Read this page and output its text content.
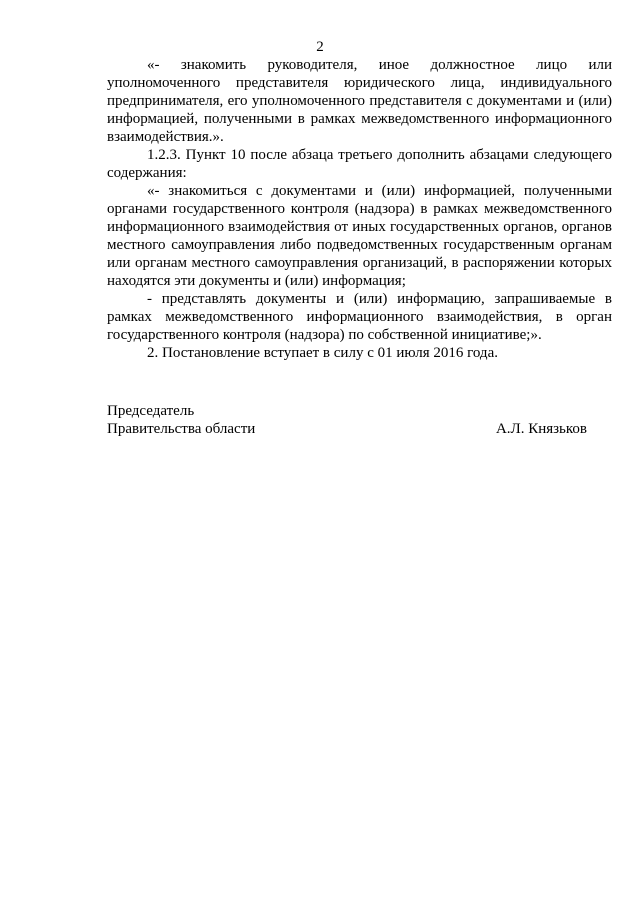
2

«- знакомить руководителя, иное должностное лицо или уполномоченного представителя юридического лица, индивидуального предпринимателя, его уполномоченного представителя с документами и (или) информацией, полученными в рамках межведомственного информационного взаимодействия.».

1.2.3. Пункт 10 после абзаца третьего дополнить абзацами следующего содержания:

«- знакомиться с документами и (или) информацией, полученными органами государственного контроля (надзора) в рамках межведомственного информационного взаимодействия от иных государственных органов, органов местного самоуправления либо подведомственных государственным органам или органам местного самоуправления организаций, в распоряжении которых находятся эти документы и (или) информация;

- представлять документы и (или) информацию, запрашиваемые в рамках межведомственного информационного взаимодействия, в орган государственного контроля (надзора) по собственной инициативе;».

2. Постановление вступает в силу с 01 июля 2016 года.

Председатель
Правительства области	А.Л. Князьков
